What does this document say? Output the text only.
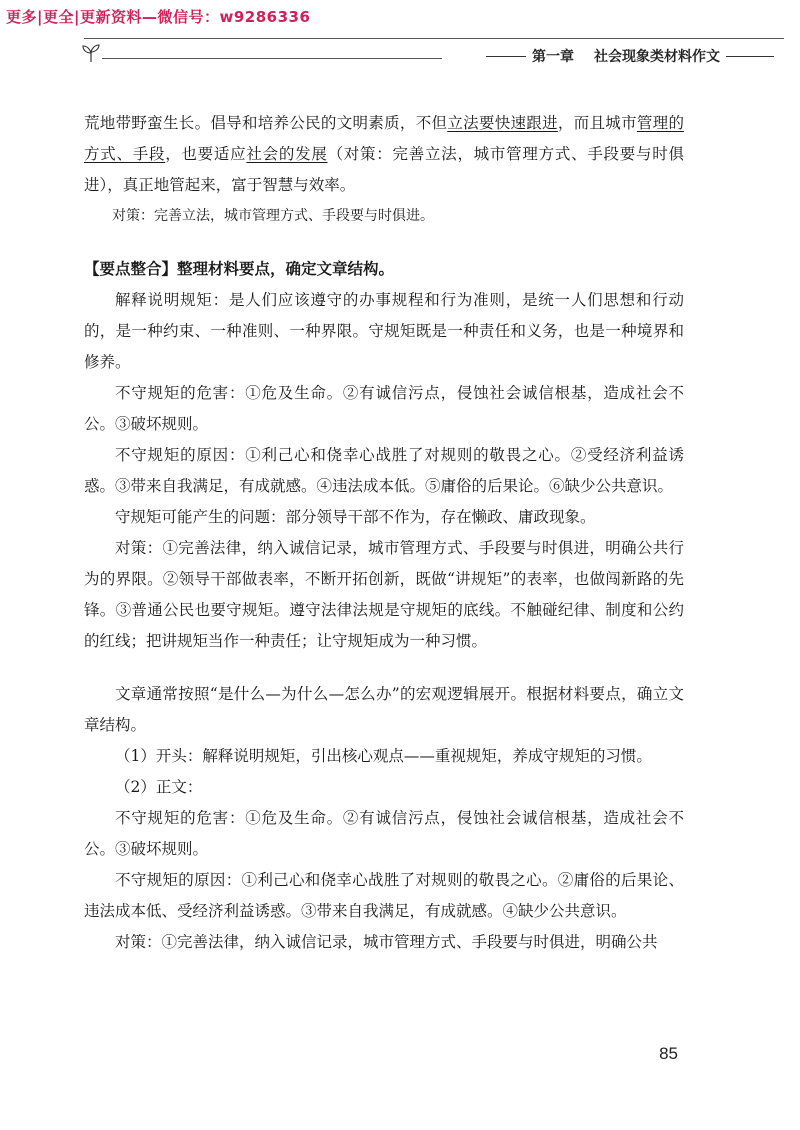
更多|更全|更新资料—微信号：w9286336
第一章 社会现象类材料作文

荒地带野蛮生长。倡导和培养公民的文明素质，不但立法要快速跟进，而且城市管理的方式、手段，也要适应社会的发展（对策：完善立法，城市管理方式、手段要与时俱进），真正地管起来，富于智慧与效率。

对策：完善立法，城市管理方式、手段要与时俱进。

【要点整合】整理材料要点，确定文章结构。

解释说明规矩：是人们应该遵守的办事规程和行为准则，是统一人们思想和行动的，是一种约束、一种准则、一种界限。守规矩既是一种责任和义务，也是一种境界和修养。

不守规矩的危害：①危及生命。②有诚信污点，侵蚀社会诚信根基，造成社会不公。③破坏规则。

不守规矩的原因：①利己心和侥幸心战胜了对规则的敬畏之心。②受经济利益诱惑。③带来自我满足，有成就感。④违法成本低。⑤庸俗的后果论。⑥缺少公共意识。

守规矩可能产生的问题：部分领导干部不作为，存在懒政、庸政现象。

对策：①完善法律，纳入诚信记录，城市管理方式、手段要与时俱进，明确公共行为的界限。②领导干部做表率，不断开拓创新，既做“讲规矩”的表率，也做闯新路的先锋。③普通公民也要守规矩。遵守法律法规是守规矩的底线。不触碰纪律、制度和公约的红线；把讲规矩当作一种责任；让守规矩成为一种习惯。

文章通常按照“是什么—为什么—怎么办”的宏观逻辑展开。根据材料要点，确立文章结构。

（1）开头：解释说明规矩，引出核心观点——重视规矩，养成守规矩的习惯。

（2）正文：

不守规矩的危害：①危及生命。②有诚信污点，侵蚀社会诚信根基，造成社会不公。③破坏规则。

不守规矩的原因：①利己心和侥幸心战胜了对规则的敬畏之心。②庸俗的后果论、违法成本低、受经济利益诱惑。③带来自我满足，有成就感。④缺少公共意识。

对策：①完善法律，纳入诚信记录，城市管理方式、手段要与时俱进，明确公共

85
